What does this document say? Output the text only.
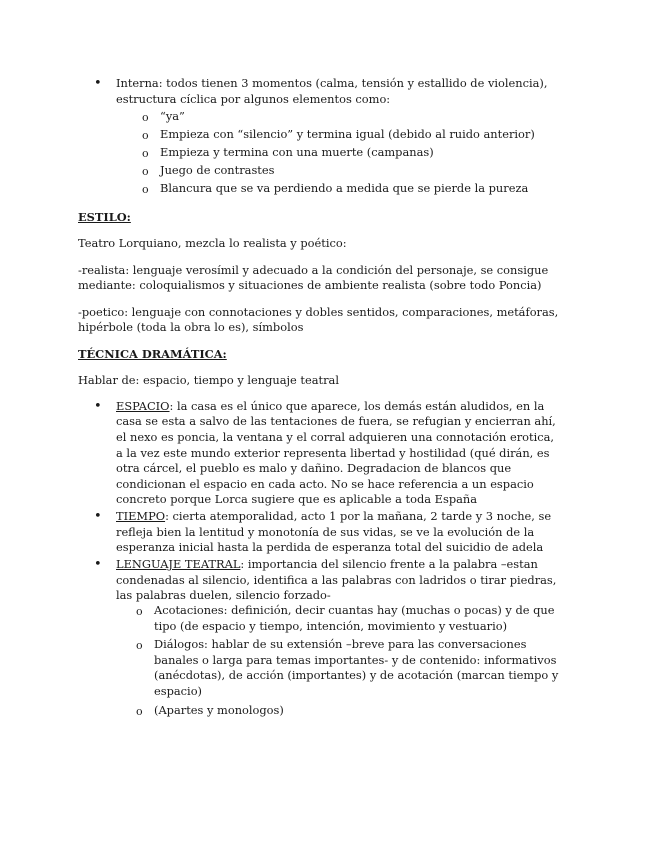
• Interna: todos tienen 3 momentos (calma, tensión y estallido de violencia),
estructura cíclica por algunos elementos como:
o “ya”
o Empieza con “silencio” y termina igual (debido al ruido anterior)
o Empieza y termina con una muerte (campanas)
o Juego de contrastes
o Blancura que se va perdiendo a medida que se pierde la pureza
ESTILO:
Teatro Lorquiano, mezcla lo realista y poético:
-realista: lenguaje verosímil y adecuado a la condición del personaje, se consigue
mediante: coloquialismos y situaciones de ambiente realista (sobre todo Poncia)
-poetico: lenguaje con connotaciones y dobles sentidos, comparaciones, metáforas,
hipérbole (toda la obra lo es), símbolos
TÉCNICA DRAMÁTICA:
Hablar de: espacio, tiempo y lenguaje teatral
• ESPACIO: la casa es el único que aparece, los demás están aludidos, en la
casa se esta a salvo de las tentaciones de fuera, se refugian y encierran ahí,
el nexo es poncia, la ventana y el corral adquieren una connotación erotica,
a la vez este mundo exterior representa libertad y hostilidad (qué dirán, es
otra cárcel, el pueblo es malo y dañino. Degradacion de blancos que
condicionan el espacio en cada acto. No se hace referencia a un espacio
concreto porque Lorca sugiere que es aplicable a toda España
• TIEMPO: cierta atemporalidad, acto 1 por la mañana, 2 tarde y 3 noche, se
refleja bien la lentitud y monotonía de sus vidas, se ve la evolución de la
esperanza inicial hasta la perdida de esperanza total del suicidio de adela
• LENGUAJE TEATRAL: importancia del silencio frente a la palabra –estan
condenadas al silencio, identifica a las palabras con ladridos o tirar piedras,
las palabras duelen, silencio forzado-
o Acotaciones: definición, decir cuantas hay (muchas o pocas) y de que
tipo (de espacio y tiempo, intención, movimiento y vestuario)
o Diálogos: hablar de su extensión –breve para las conversaciones
banales o larga para temas importantes- y de contenido: informativos
(anécdotas), de acción (importantes) y de acotación (marcan tiempo y
espacio)
o (Apartes y monologos)
